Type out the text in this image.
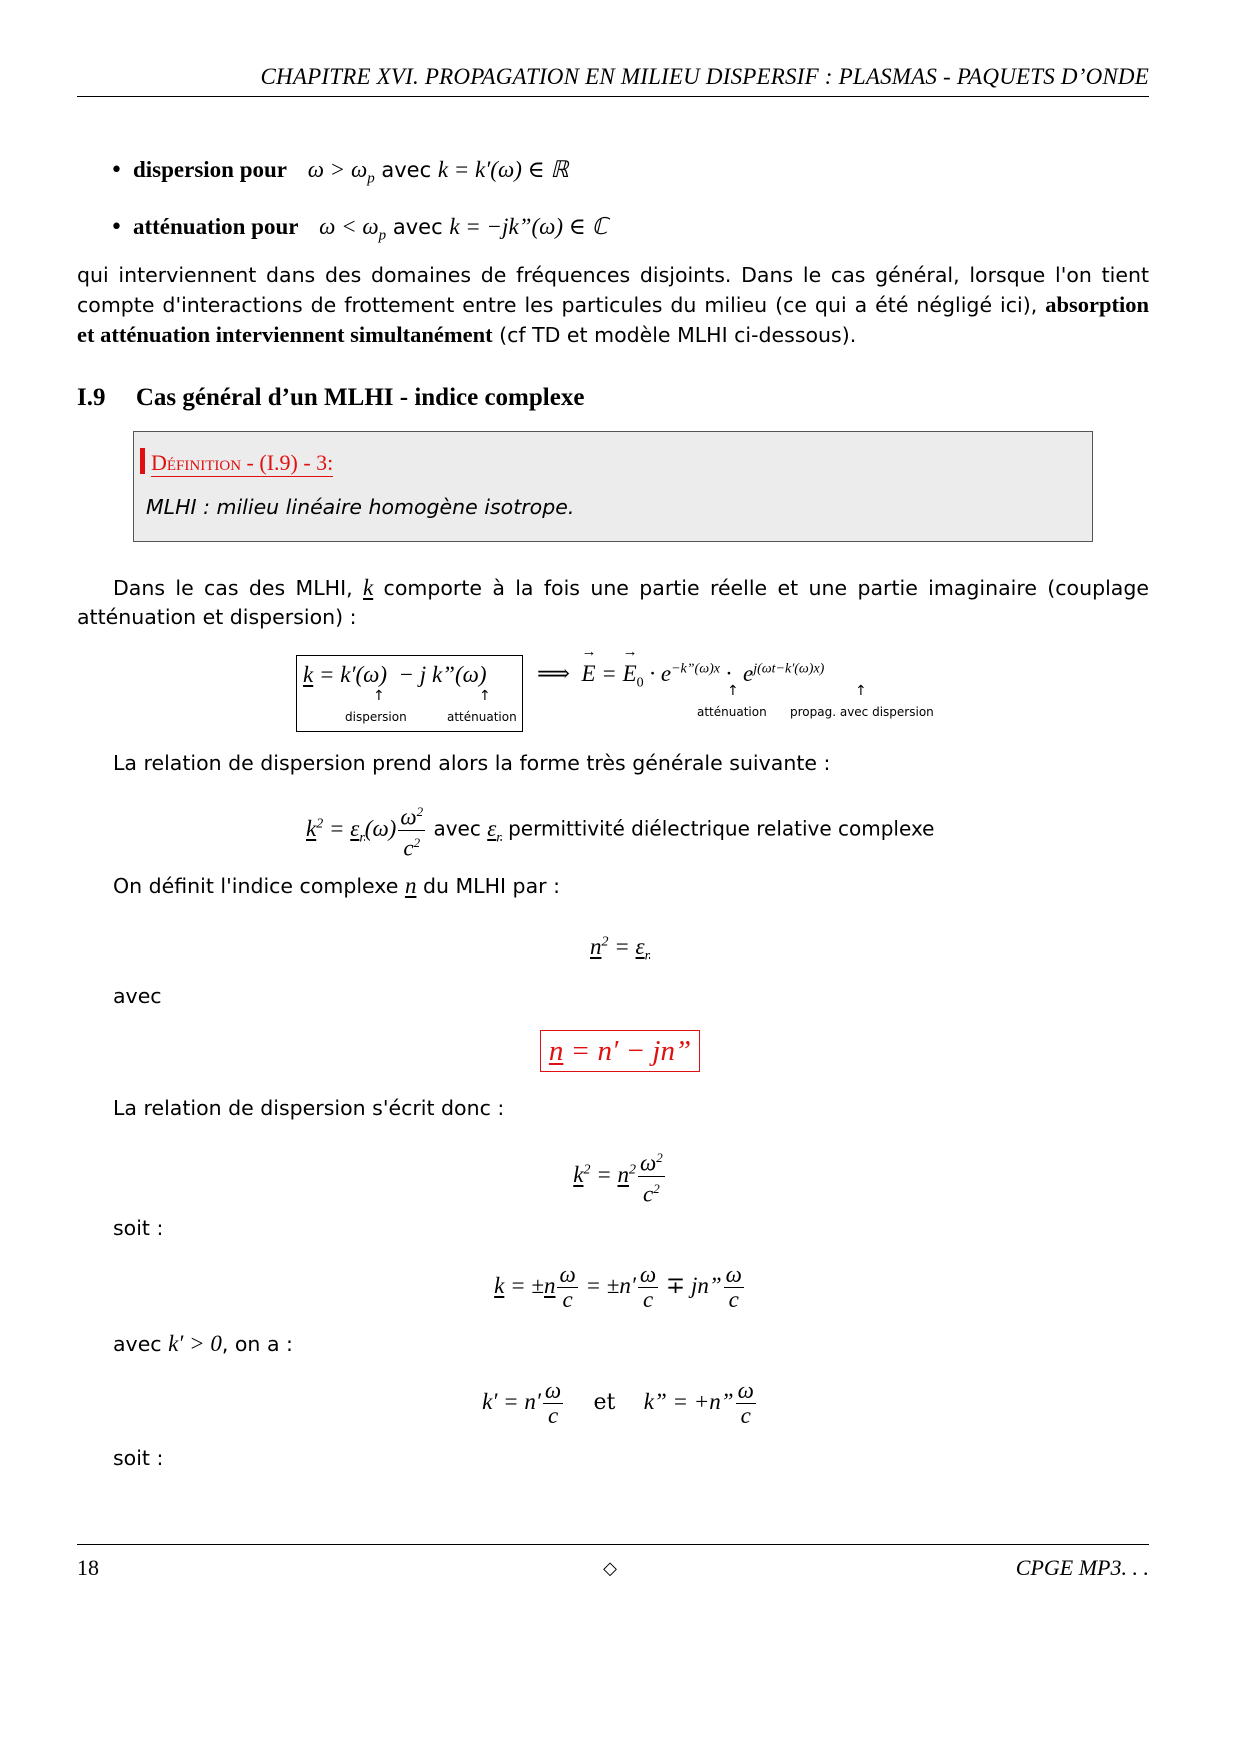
CHAPITRE XVI. PROPAGATION EN MILIEU DISPERSIF : PLASMAS - PAQUETS D’ONDE
• dispersion pour $\omega > \omega_p$ avec k = k′(ω) ∈ ℝ
• atténuation pour $\omega < \omega_p$ avec k = −jk”(ω) ∈ ℂ
qui interviennent dans des domaines de fréquences disjoints. Dans le cas général, lorsque l'on tient compte d'interactions de frottement entre les particules du milieu (ce qui a été négligé ici), absorption et atténuation interviennent simultanément (cf TD et modèle MLHI ci-dessous).
I.9 Cas général d’un MLHI - indice complexe
Définition - (I.9) - 3:
MLHI : milieu linéaire homogène isotrope.
Dans le cas des MLHI, k comporte à la fois une partie réelle et une partie imaginaire (couplage atténuation et dispersion) :
k = k′(ω)  − j k”(ω)
↑	↑
dispersion	atténuation
⟹  E
→
= E
→
$_0 \cdot e^{-k”(\omega)x} \cdot e^{j(\omega t-k'(\omega)x)}$
↑	↑
atténuation propag. avec dispersion
La relation de dispersion prend alors la forme très générale suivante :
$k^2 = \varepsilon_r(\omega) \frac{\omega^2}{c^2}$ avec $\varepsilon_r$ permittivité diélectrique relative complexe
On définit l'indice complexe n du MLHI par :
$n^2 = \varepsilon_r$
avec
n = n′ − jn”
La relation de dispersion s'écrit donc :
$k^2 = n^2 \frac{\omega^2}{c^2}$
soit :
$k = \pm n \frac{\omega}{c} = \pm n' \frac{\omega}{c}$ ∓ jn” $\frac{\omega}{c}$
avec k′ > 0, on a :
$k' = n' \frac{\omega}{c}$ et k” = +n” $\frac{\omega}{c}$
soit :
18	◇	CPGE MP3. . .
